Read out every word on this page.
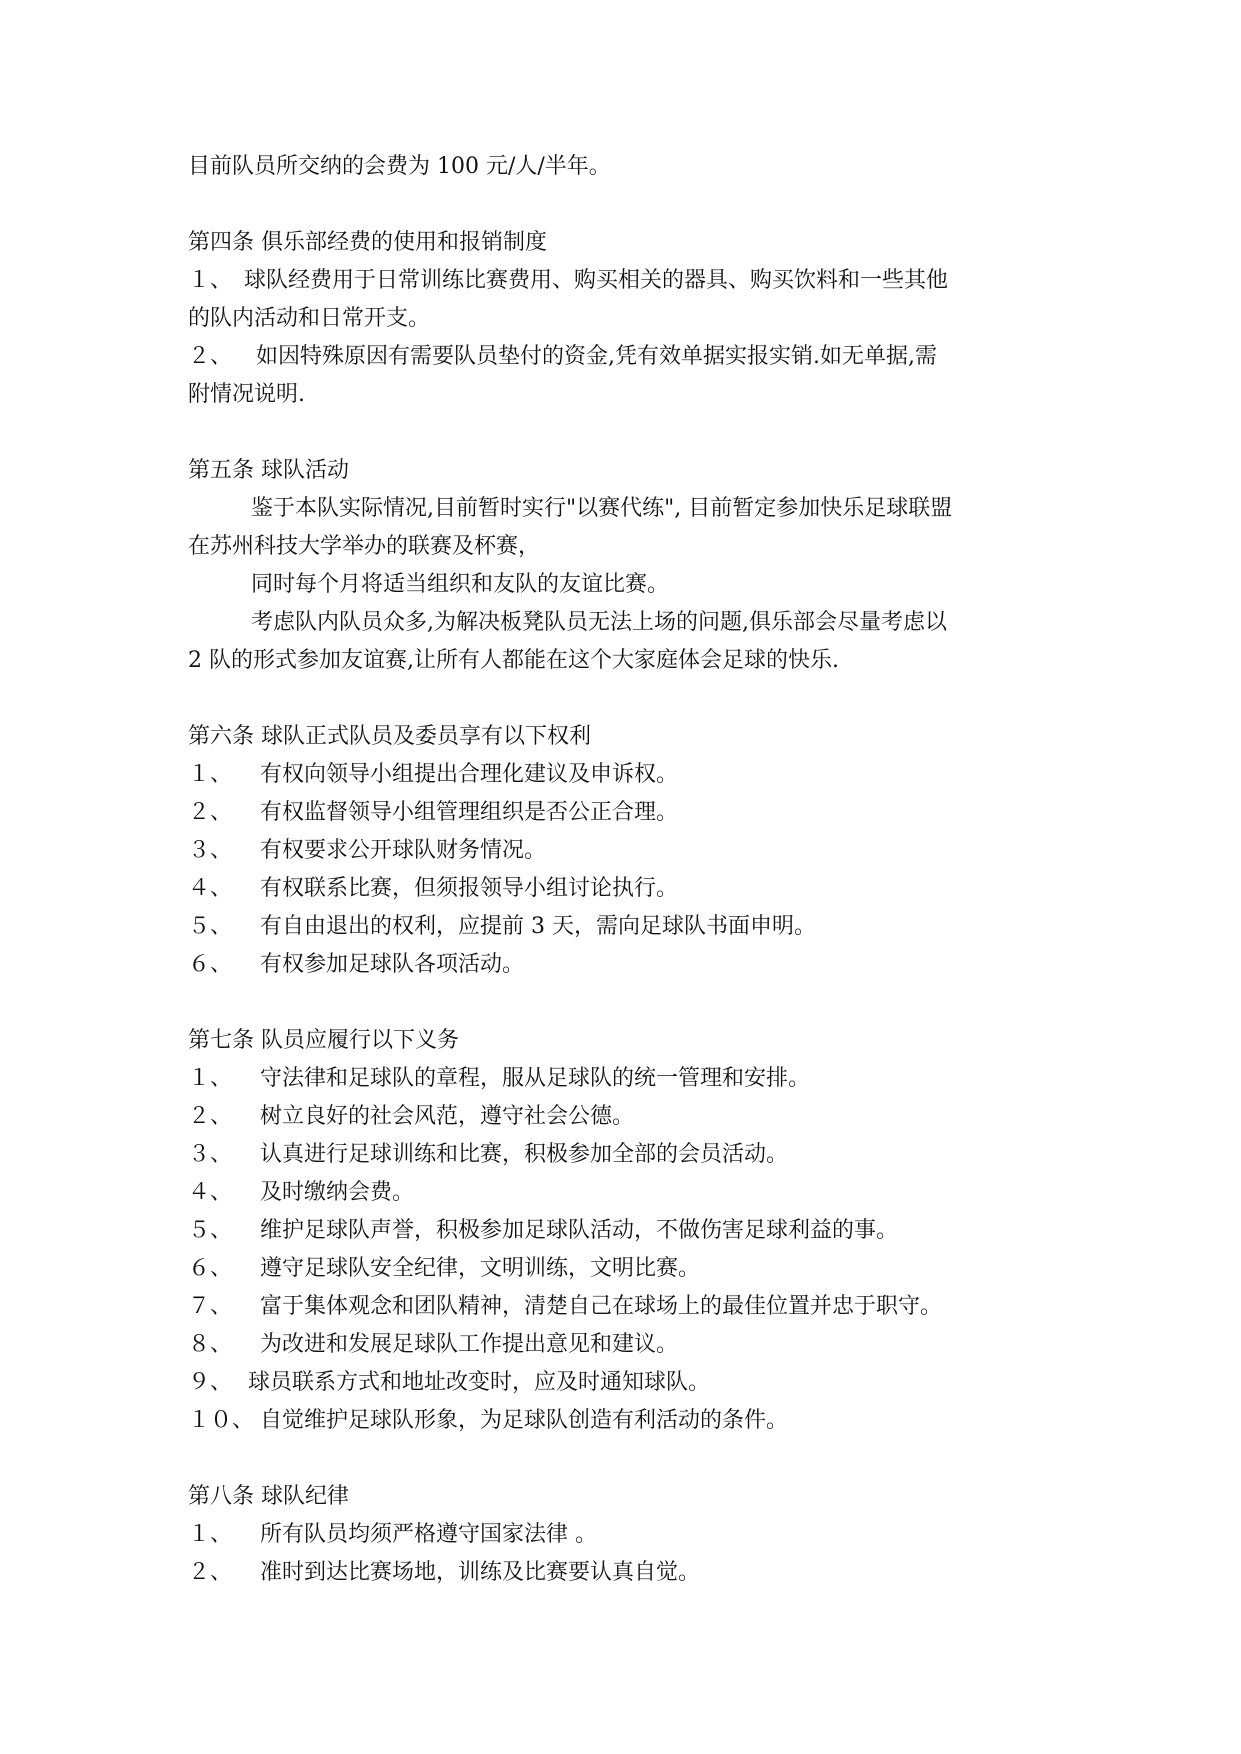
目前队员所交纳的会费为 100 元/人/半年。

第四条 俱乐部经费的使用和报销制度

１、 球队经费用于日常训练比赛费用、购买相关的器具、购买饮料和一些其他

的队内活动和日常开支。

２、 如因特殊原因有需要队员垫付的资金,凭有效单据实报实销.如无单据,需

附情况说明.

第五条 球队活动

鉴于本队实际情况,目前暂时实行"以赛代练", 目前暂定参加快乐足球联盟

在苏州科技大学举办的联赛及杯赛，

同时每个月将适当组织和友队的友谊比赛。

考虑队内队员众多,为解决板凳队员无法上场的问题,俱乐部会尽量考虑以

2 队的形式参加友谊赛,让所有人都能在这个大家庭体会足球的快乐.

第六条 球队正式队员及委员享有以下权利

１、 有权向领导小组提出合理化建议及申诉权。

２、 有权监督领导小组管理组织是否公正合理。

３、 有权要求公开球队财务情况。

４、 有权联系比赛，但须报领导小组讨论执行。

５、 有自由退出的权利，应提前 3 天，需向足球队书面申明。

６、 有权参加足球队各项活动。

第七条 队员应履行以下义务

１、 守法律和足球队的章程，服从足球队的统一管理和安排。

２、 树立良好的社会风范，遵守社会公德。

３、 认真进行足球训练和比赛，积极参加全部的会员活动。

４、 及时缴纳会费。

５、 维护足球队声誉，积极参加足球队活动，不做伤害足球利益的事。

６、 遵守足球队安全纪律，文明训练，文明比赛。

７、 富于集体观念和团队精神，清楚自己在球场上的最佳位置并忠于职守。

８、 为改进和发展足球队工作提出意见和建议。

９、 球员联系方式和地址改变时，应及时通知球队。

１０、 自觉维护足球队形象，为足球队创造有利活动的条件。

第八条 球队纪律

１、 所有队员均须严格遵守国家法律 。

２、 准时到达比赛场地，训练及比赛要认真自觉。
